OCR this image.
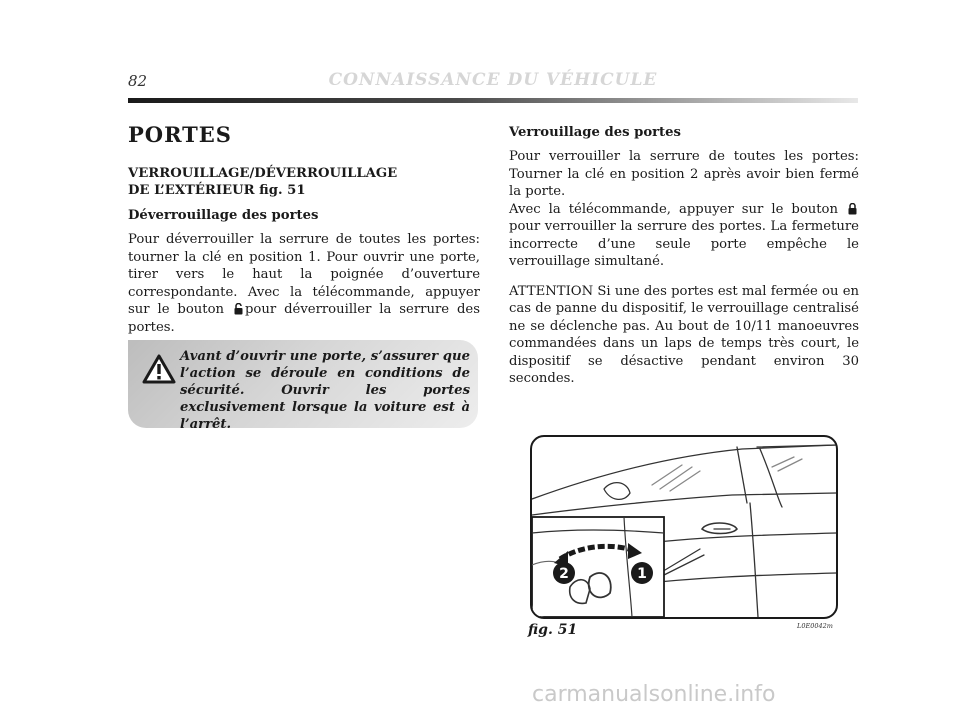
82	CONNAISSANCE DU VÉHICULE
PORTES
VERROUILLAGE/DÉVERROUILLAGE
DE L’EXTÉRIEUR fig. 51
Déverrouillage des portes

Pour déverrouiller la serrure de toutes les portes: tourner la clé en position 1. Pour ouvrir une porte, tirer vers le haut la poignée d’ouverture correspondante. Avec la télécommande, appuyer sur le bouton pour déverrouiller la serrure des portes.

Avant d’ouvrir une porte, s’assurer que l’action se déroule en conditions de sécurité. Ouvrir les portes exclusivement lorsque la voiture est à l’arrêt.
Verrouillage des portes

Pour verrouiller la serrure de toutes les portes: Tourner la clé en position 2 après avoir bien fermé la porte.

Avec la télécommande, appuyer sur le bouton pour verrouiller la serrure des portes. La fermeture incorrecte d’une seule porte empêche le verrouillage simultané.

ATTENTION Si une des portes est mal fermée ou en cas de panne du dispositif, le verrouillage centralisé ne se déclenche pas. Au bout de 10/11 manoeuvres commandées dans un laps de temps très court, le dispositif se désactive pendant environ 30 secondes.

2	1
fig. 51	L0E0042m
carmanualsonline.info
